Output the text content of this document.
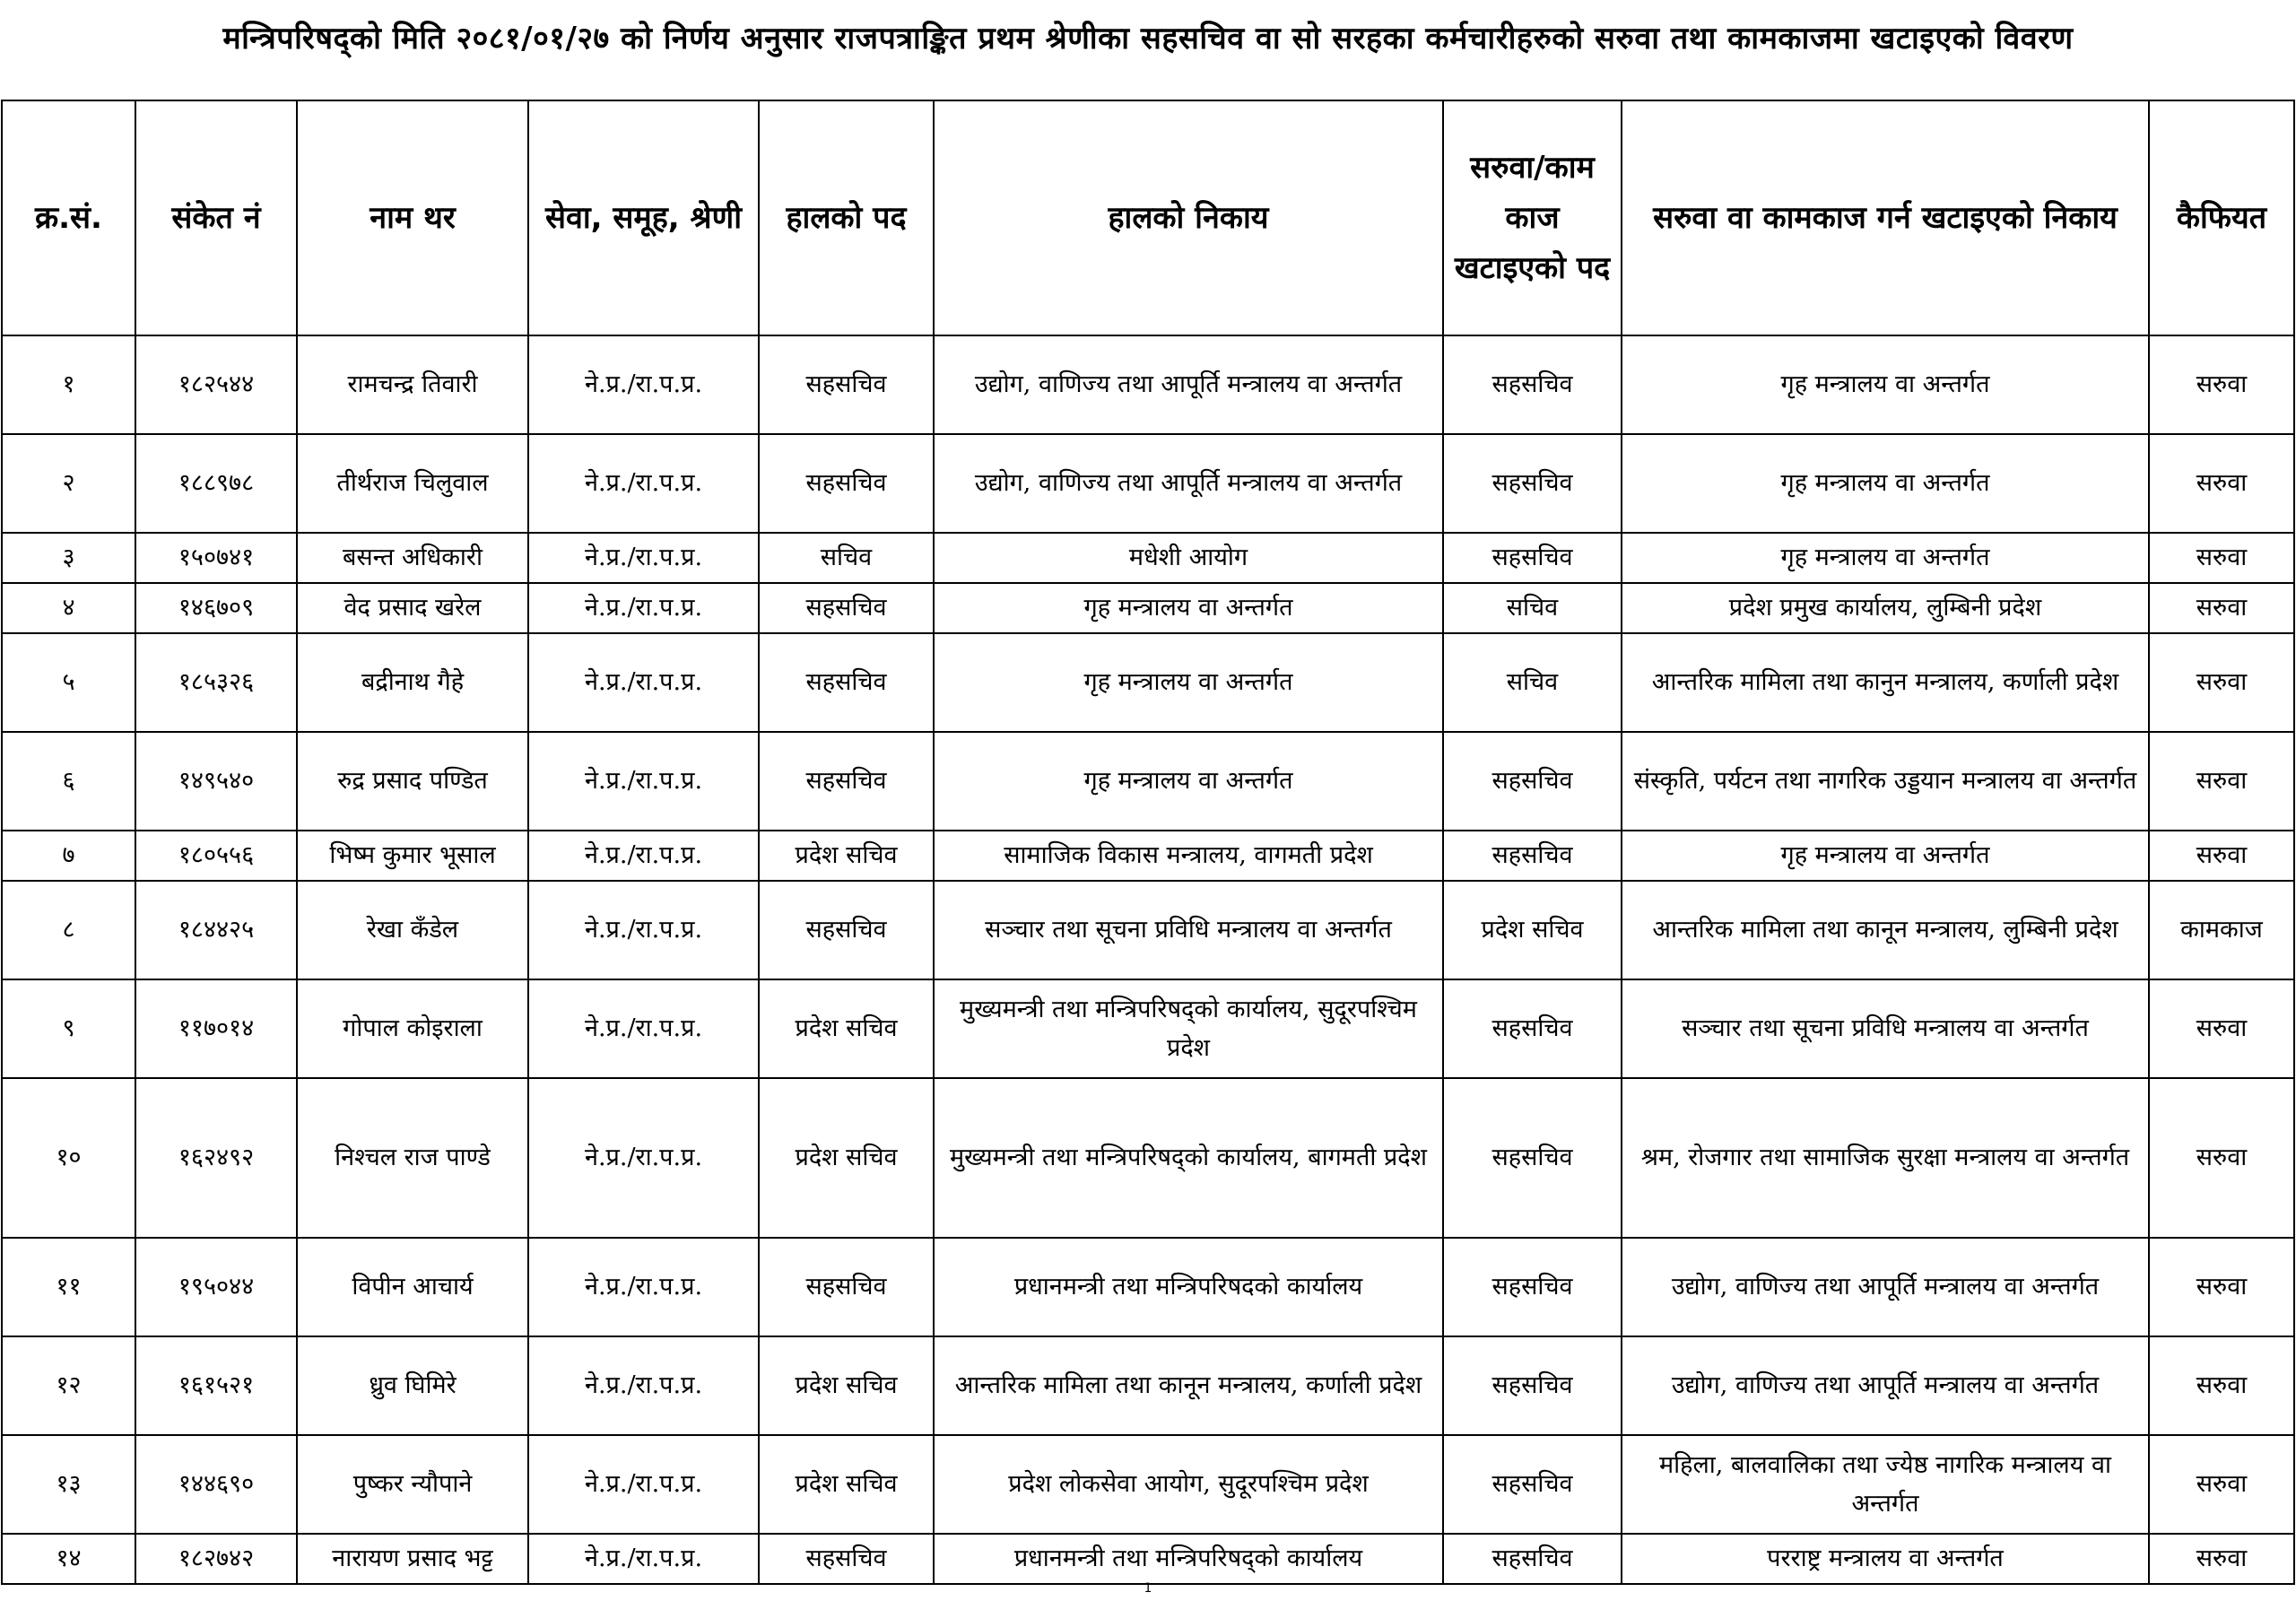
मन्त्रिपरिषद्को मिति २०८१/०१/२७ को निर्णय अनुसार राजपत्राङ्कित प्रथम श्रेणीका सहसचिव वा सो सरहका कर्मचारीहरुको सरुवा तथा कामकाजमा खटाइएको विवरण
क्र.सं.	संकेत नं	नाम थर	सेवा, समूह, श्रेणी	हालको पद	हालको निकाय	सरुवा/काम काज खटाइएको पद	सरुवा वा कामकाज गर्न खटाइएको निकाय	कैफियत
१	१८२५४४	रामचन्द्र तिवारी	ने.प्र./रा.प.प्र.	सहसचिव	उद्योग, वाणिज्य तथा आपूर्ति मन्त्रालय वा अन्तर्गत	सहसचिव	गृह मन्त्रालय वा अन्तर्गत	सरुवा
२	१८८९७८	तीर्थराज चिलुवाल	ने.प्र./रा.प.प्र.	सहसचिव	उद्योग, वाणिज्य तथा आपूर्ति मन्त्रालय वा अन्तर्गत	सहसचिव	गृह मन्त्रालय वा अन्तर्गत	सरुवा
३	१५०७४१	बसन्त अधिकारी	ने.प्र./रा.प.प्र.	सचिव	मधेशी आयोग	सहसचिव	गृह मन्त्रालय वा अन्तर्गत	सरुवा
४	१४६७०९	वेद प्रसाद खरेल	ने.प्र./रा.प.प्र.	सहसचिव	गृह मन्त्रालय वा अन्तर्गत	सचिव	प्रदेश प्रमुख कार्यालय, लुम्बिनी प्रदेश	सरुवा
५	१८५३२६	बद्रीनाथ गैहे	ने.प्र./रा.प.प्र.	सहसचिव	गृह मन्त्रालय वा अन्तर्गत	सचिव	आन्तरिक मामिला तथा कानुन मन्त्रालय, कर्णाली प्रदेश	सरुवा
६	१४९५४०	रुद्र प्रसाद पण्डित	ने.प्र./रा.प.प्र.	सहसचिव	गृह मन्त्रालय वा अन्तर्गत	सहसचिव	संस्कृति, पर्यटन तथा नागरिक उड्डयान मन्त्रालय वा अन्तर्गत	सरुवा
७	१८०५५६	भिष्म कुमार भूसाल	ने.प्र./रा.प.प्र.	प्रदेश सचिव	सामाजिक विकास मन्त्रालय, वागमती प्रदेश	सहसचिव	गृह मन्त्रालय वा अन्तर्गत	सरुवा
८	१८४४२५	रेखा कँडेल	ने.प्र./रा.प.प्र.	सहसचिव	सञ्चार तथा सूचना प्रविधि मन्त्रालय वा अन्तर्गत	प्रदेश सचिव	आन्तरिक मामिला तथा कानून मन्त्रालय, लुम्बिनी प्रदेश	कामकाज
९	११७०१४	गोपाल कोइराला	ने.प्र./रा.प.प्र.	प्रदेश सचिव	मुख्यमन्त्री तथा मन्त्रिपरिषद्को कार्यालय, सुदूरपश्चिम प्रदेश	सहसचिव	सञ्चार तथा सूचना प्रविधि मन्त्रालय वा अन्तर्गत	सरुवा
१०	१६२४९२	निश्चल राज पाण्डे	ने.प्र./रा.प.प्र.	प्रदेश सचिव	मुख्यमन्त्री तथा मन्त्रिपरिषद्को कार्यालय, बागमती प्रदेश	सहसचिव	श्रम, रोजगार तथा सामाजिक सुरक्षा मन्त्रालय वा अन्तर्गत	सरुवा
११	१९५०४४	विपीन आचार्य	ने.प्र./रा.प.प्र.	सहसचिव	प्रधानमन्त्री तथा मन्त्रिपरिषदको कार्यालय	सहसचिव	उद्योग, वाणिज्य तथा आपूर्ति मन्त्रालय वा अन्तर्गत	सरुवा
१२	१६१५२१	ध्रुव घिमिरे	ने.प्र./रा.प.प्र.	प्रदेश सचिव	आन्तरिक मामिला तथा कानून मन्त्रालय, कर्णाली प्रदेश	सहसचिव	उद्योग, वाणिज्य तथा आपूर्ति मन्त्रालय वा अन्तर्गत	सरुवा
१३	१४४६९०	पुष्कर न्यौपाने	ने.प्र./रा.प.प्र.	प्रदेश सचिव	प्रदेश लोकसेवा आयोग, सुदूरपश्चिम प्रदेश	सहसचिव	महिला, बालवालिका तथा ज्येष्ठ नागरिक मन्त्रालय वा अन्तर्गत	सरुवा
१४	१८२७४२	नारायण प्रसाद भट्ट	ने.प्र./रा.प.प्र.	सहसचिव	प्रधानमन्त्री तथा मन्त्रिपरिषद्को कार्यालय	सहसचिव	परराष्ट्र मन्त्रालय वा अन्तर्गत	सरुवा
1
